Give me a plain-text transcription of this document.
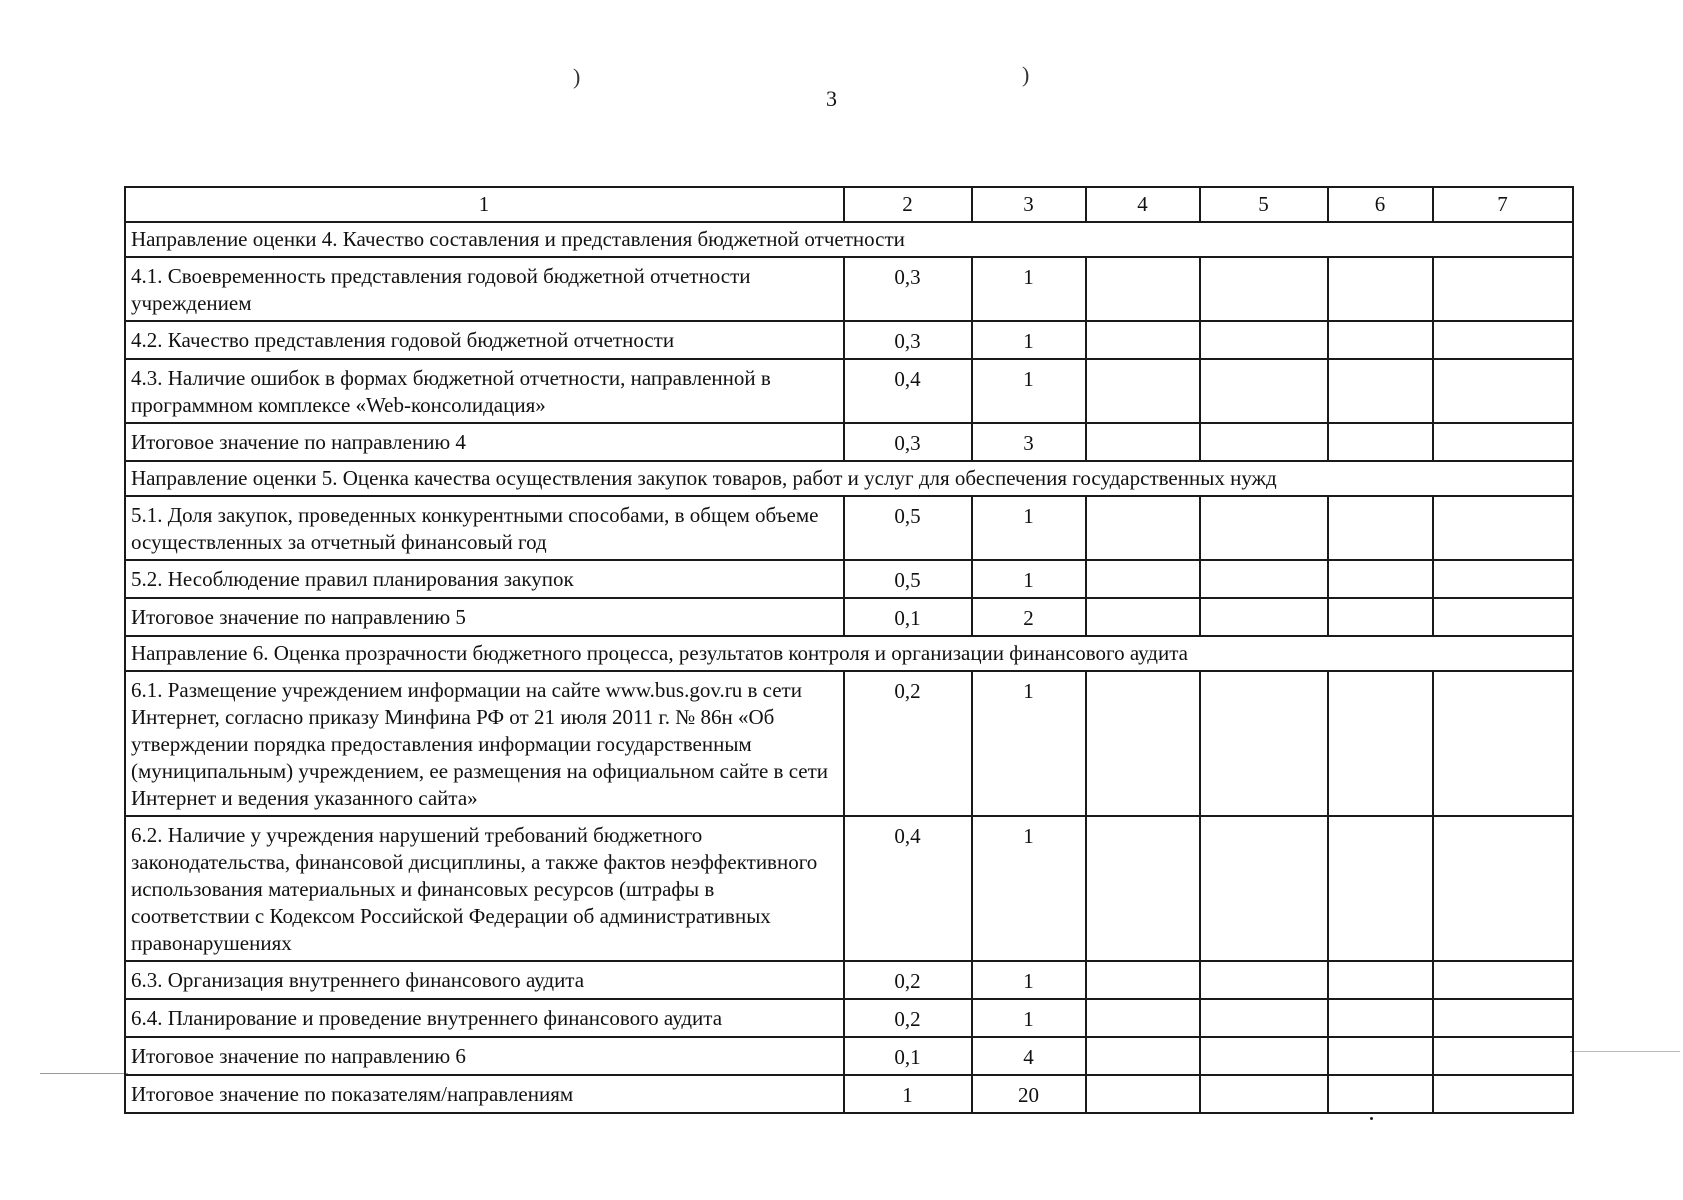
)	)
3
1	2	3	4	5	6	7
Направление оценки 4. Качество составления и представления бюджетной отчетности						
4.1. Своевременность представления годовой бюджетной отчетности учреждением	0,3	1				
4.2. Качество представления годовой бюджетной отчетности	0,3	1				
4.3. Наличие ошибок в формах бюджетной отчетности, направленной в программном комплексе «Web-консолидация»	0,4	1				
Итоговое значение по направлению 4	0,3	3				
Направление оценки 5. Оценка качества осуществления закупок товаров, работ и услуг для обеспечения государственных нужд						
5.1. Доля закупок, проведенных конкурентными способами, в общем объеме осуществленных за отчетный финансовый год	0,5	1				
5.2. Несоблюдение правил планирования закупок	0,5	1				
Итоговое значение по направлению 5	0,1	2				
Направление 6. Оценка прозрачности бюджетного процесса, результатов контроля и организации финансового аудита						
6.1. Размещение учреждением информации на сайте www.bus.gov.ru в сети Интернет, согласно приказу Минфина РФ от 21 июля 2011 г. № 86н «Об утверждении порядка предоставления информации государственным (муниципальным) учреждением, ее размещения на официальном сайте в сети Интернет и ведения указанного сайта»	0,2	1				
6.2. Наличие у учреждения нарушений требований бюджетного законодательства, финансовой дисциплины, а также фактов неэффективного использования материальных и финансовых ресурсов (штрафы в соответствии с Кодексом Российской Федерации об административных правонарушениях	0,4	1				
6.3. Организация внутреннего финансового аудита	0,2	1				
6.4. Планирование и проведение внутреннего финансового аудита	0,2	1				
Итоговое значение по направлению 6	0,1	4				
Итоговое значение по показателям/направлениям	1	20				
